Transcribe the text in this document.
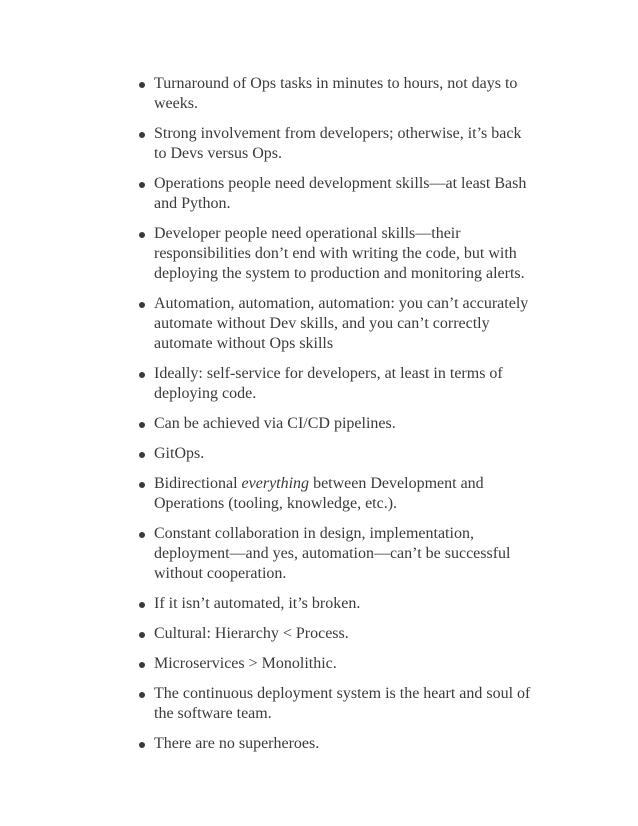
Turnaround of Ops tasks in minutes to hours, not days to weeks.
Strong involvement from developers; otherwise, it’s back to Devs versus Ops.
Operations people need development skills—at least Bash and Python.
Developer people need operational skills—their responsibilities don’t end with writing the code, but with deploying the system to production and monitoring alerts.
Automation, automation, automation: you can’t accurately automate without Dev skills, and you can’t correctly automate without Ops skills
Ideally: self-service for developers, at least in terms of deploying code.
Can be achieved via CI/CD pipelines.
GitOps.
Bidirectional everything between Development and Operations (tooling, knowledge, etc.).
Constant collaboration in design, implementation, deployment—and yes, automation—can’t be successful without cooperation.
If it isn’t automated, it’s broken.
Cultural: Hierarchy < Process.
Microservices > Monolithic.
The continuous deployment system is the heart and soul of the software team.
There are no superheroes.
